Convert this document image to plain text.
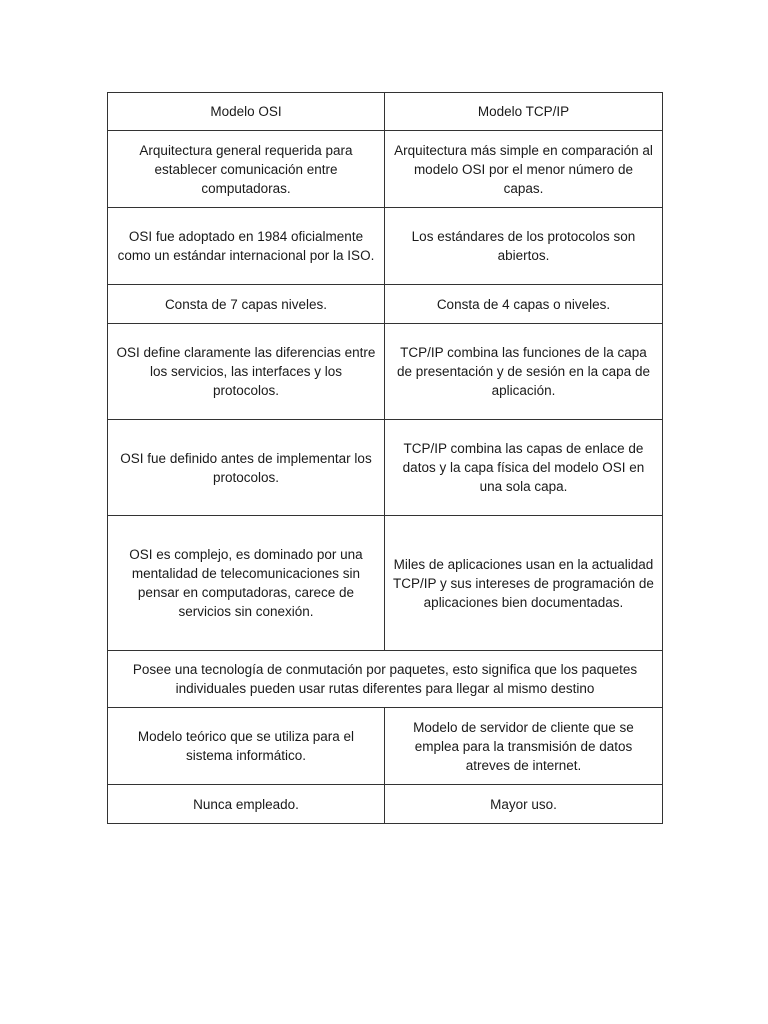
Modelo OSI	Modelo TCP/IP
Arquitectura general requerida para establecer comunicación entre computadoras.	Arquitectura más simple en comparación al modelo OSI por el menor número de capas.
OSI fue adoptado en 1984 oficialmente como un estándar internacional por la ISO.	Los estándares de los protocolos son abiertos.
Consta de 7 capas niveles.	Consta de 4 capas o niveles.
OSI define claramente las diferencias entre los servicios, las interfaces y los protocolos.	TCP/IP combina las funciones de la capa de presentación y de sesión en la capa de aplicación.
OSI fue definido antes de implementar los protocolos.	TCP/IP combina las capas de enlace de datos y la capa física del modelo OSI en una sola capa.
OSI es complejo, es dominado por una mentalidad de telecomunicaciones sin pensar en computadoras, carece de servicios sin conexión.	Miles de aplicaciones usan en la actualidad TCP/IP y sus intereses de programación de aplicaciones bien documentadas.
Posee una tecnología de conmutación por paquetes, esto significa que los paquetes individuales pueden usar rutas diferentes para llegar al mismo destino	
Modelo teórico que se utiliza para el sistema informático.	Modelo de servidor de cliente que se emplea para la transmisión de datos atreves de internet.
Nunca empleado.	Mayor uso.
